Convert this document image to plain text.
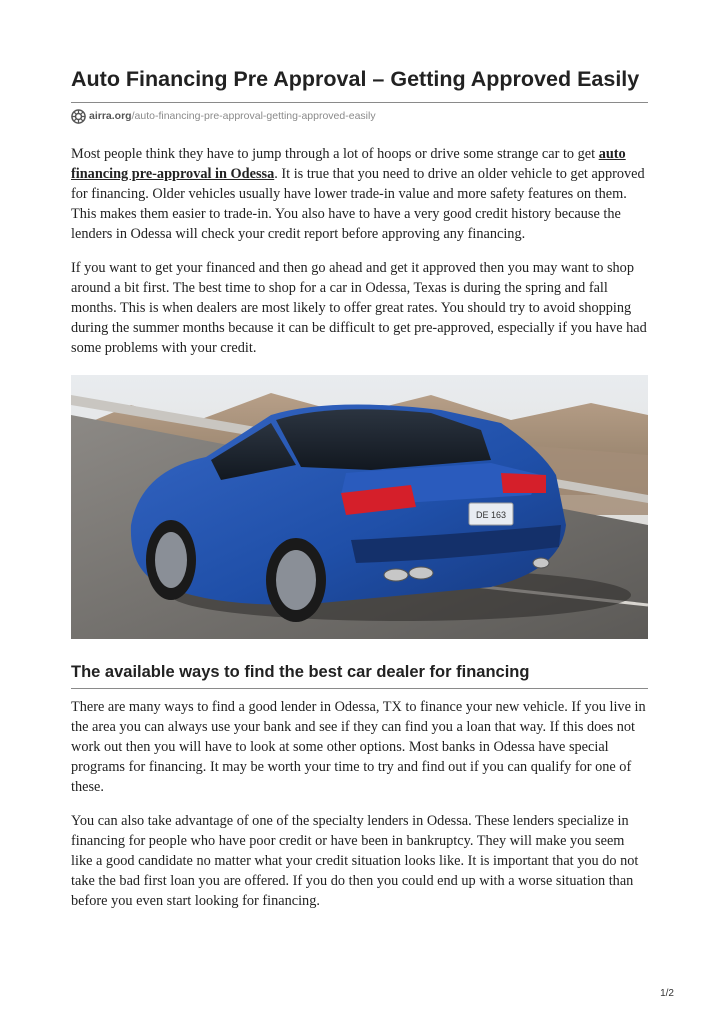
Auto Financing Pre Approval – Getting Approved Easily
airra.org /auto-financing-pre-approval-getting-approved-easily

Most people think they have to jump through a lot of hoops or drive some strange car to get auto financing pre-approval in Odessa. It is true that you need to drive an older vehicle to get approved for financing. Older vehicles usually have lower trade-in value and more safety features on them. This makes them easier to trade-in. You also have to have a very good credit history because the lenders in Odessa will check your credit report before approving any financing.

If you want to get your financed and then go ahead and get it approved then you may want to shop around a bit first. The best time to shop for a car in Odessa, Texas is during the spring and fall months. This is when dealers are most likely to offer great rates. You should try to avoid shopping during the summer months because it can be difficult to get pre-approved, especially if you have had some problems with your credit.

DE 163
The available ways to find the best car dealer for financing

There are many ways to find a good lender in Odessa, TX to finance your new vehicle. If you live in the area you can always use your bank and see if they can find you a loan that way. If this does not work out then you will have to look at some other options. Most banks in Odessa have special programs for financing. It may be worth your time to try and find out if you can qualify for one of these.

You can also take advantage of one of the specialty lenders in Odessa. These lenders specialize in financing for people who have poor credit or have been in bankruptcy. They will make you seem like a good candidate no matter what your credit situation looks like. It is important that you do not take the bad first loan you are offered. If you do then you could end up with a worse situation than before you even start looking for financing.

1/2
